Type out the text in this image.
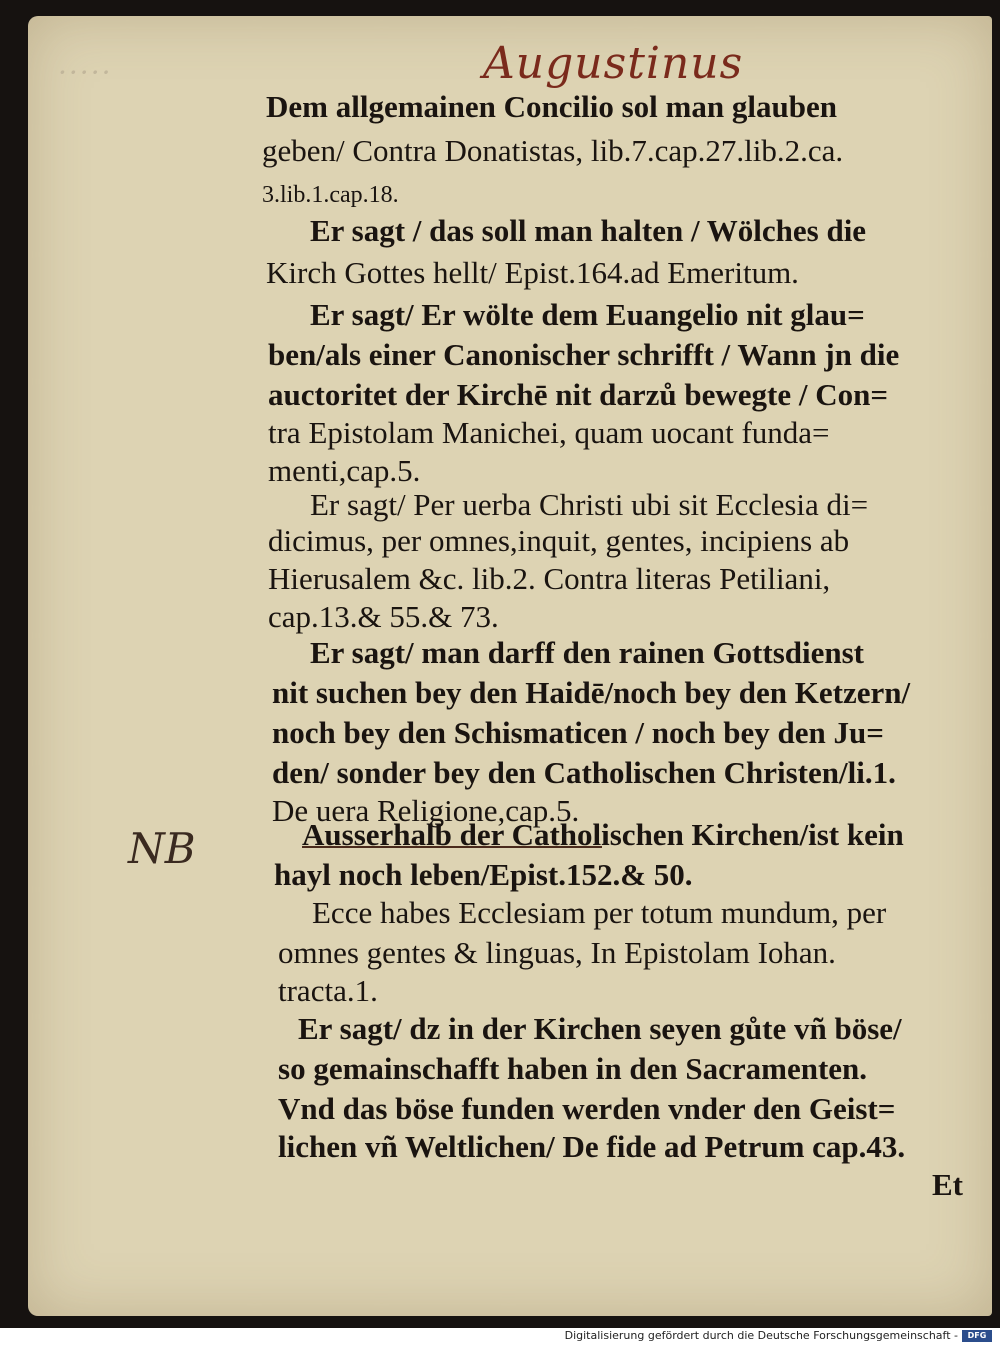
·····	Augustinus
NB
Dem allgemainen Concilio sol man glauben
geben/ Contra Donatistas, lib.7.cap.27.lib.2.ca.
3.lib.1.cap.18.
Er sagt / das soll man halten / Wölches die
Kirch Gottes hellt/ Epist.164.ad Emeritum.
Er sagt/ Er wölte dem Euangelio nit glau=
ben/als einer Canonischer schrifft / Wann jn die
auctoritet der Kirchē nit darzů bewegte / Con=
tra Epistolam Manichei, quam uocant funda=
menti,cap.5.
Er sagt/ Per uerba Christi ubi sit Ecclesia di=
dicimus, per omnes,inquit, gentes, incipiens ab
Hierusalem &c. lib.2. Contra literas Petiliani,
cap.13.& 55.& 73.
Er sagt/ man darff den rainen Gottsdienst
nit suchen bey den Haidē/noch bey den Ketzern/
noch bey den Schismaticen / noch bey den Ju=
den/ sonder bey den Catholischen Christen/li.1.
De uera Religione,cap.5.
Ausserhalb der Catholischen Kirchen/ist kein
hayl noch leben/Epist.152.& 50.
Ecce habes Ecclesiam per totum mundum, per
omnes gentes & linguas, In Epistolam Iohan.
tracta.1.
Er sagt/ dz in der Kirchen seyen gůte vñ böse/
so gemainschafft haben in den Sacramenten.
Vnd das böse funden werden vnder den Geist=
lichen vñ Weltlichen/ De fide ad Petrum cap.43.
Et
Digitalisierung gefördert durch die Deutsche Forschungsgemeinschaft -	DFG
